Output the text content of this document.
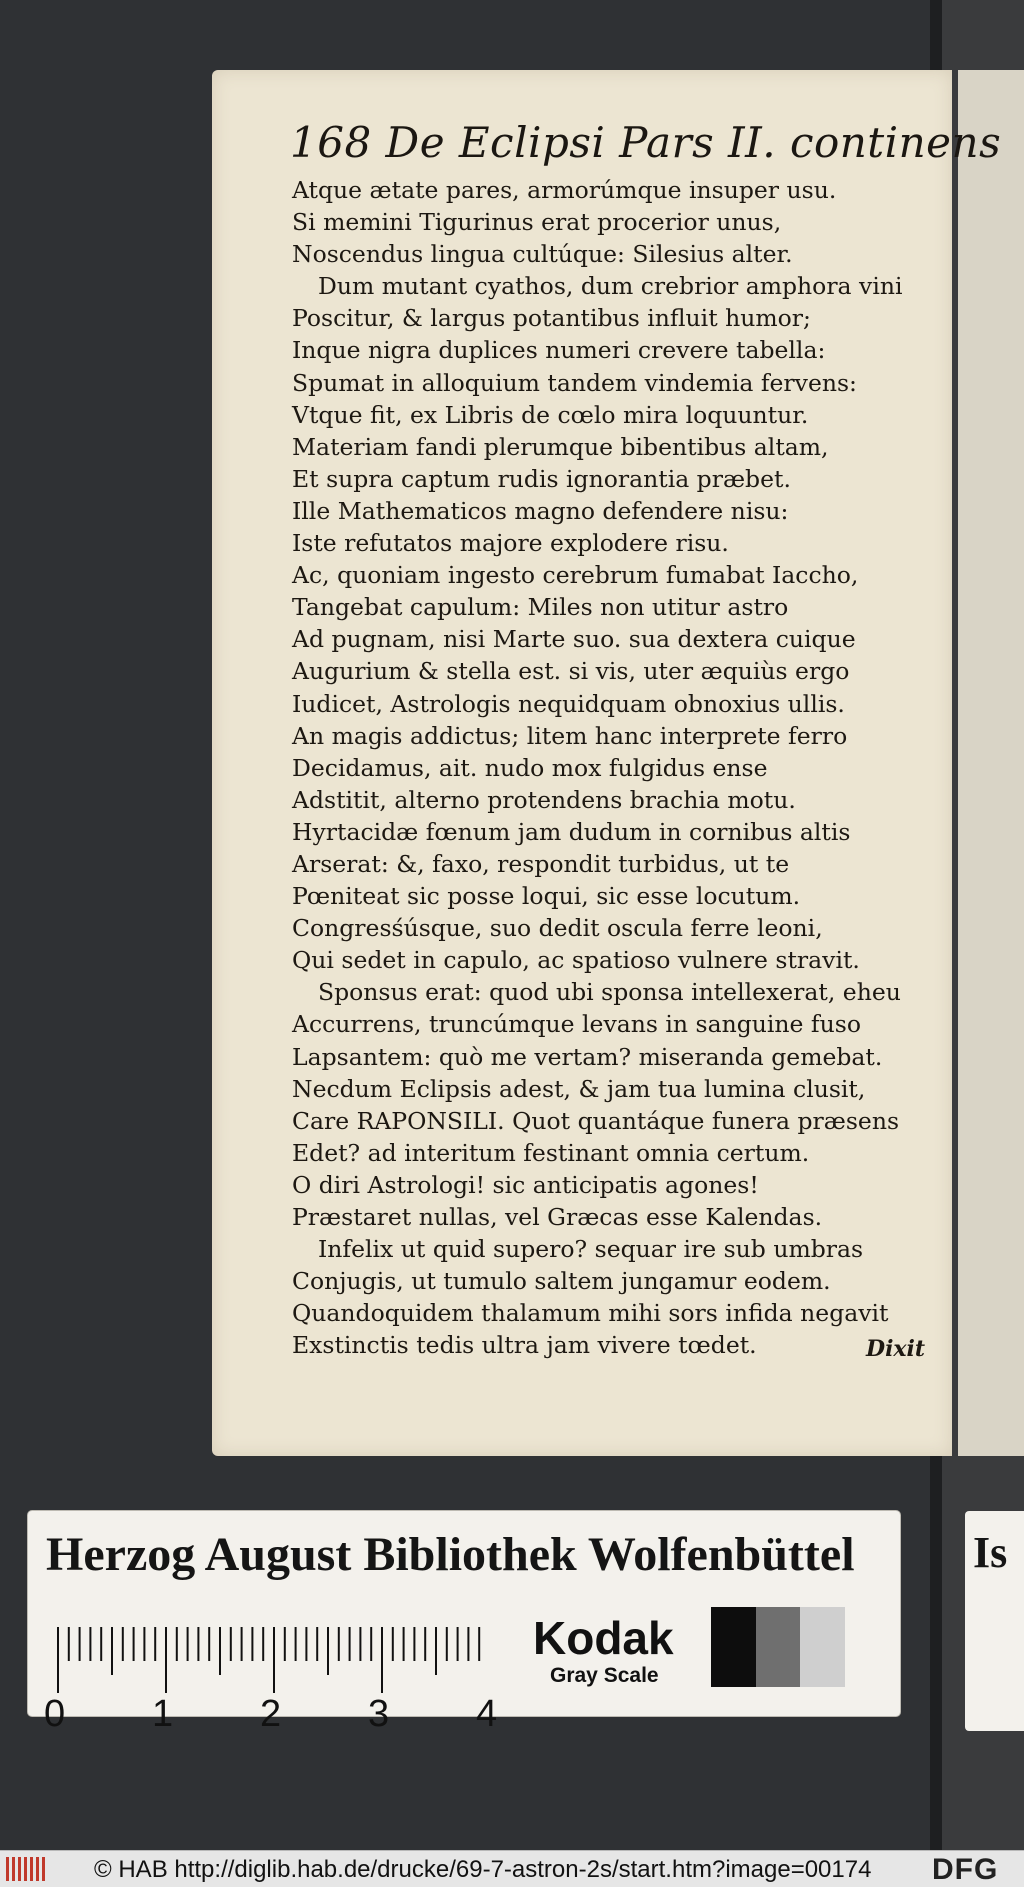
168 De Eclipsi Pars II. continens
Atque ætate pares, armorúmque insuper usu.
Si memini Tigurinus erat procerior unus,
Noscendus lingua cultúque: Silesius alter.
Dum mutant cyathos, dum crebrior amphora vini
Poscitur, & largus potantibus influit humor;
Inque nigra duplices numeri crevere tabella:
Spumat in alloquium tandem vindemia fervens:
Vtque fit, ex Libris de cœlo mira loquuntur.
Materiam fandi plerumque bibentibus altam,
Et supra captum rudis ignorantia præbet.
Ille Mathematicos magno defendere nisu:
Iste refutatos majore explodere risu.
Ac, quoniam ingesto cerebrum fumabat Iaccho,
Tangebat capulum: Miles non utitur astro
Ad pugnam, nisi Marte suo. sua dextera cuique
Augurium & stella est. si vis, uter æquiùs ergo
Iudicet, Astrologis nequidquam obnoxius ullis.
An magis addictus; litem hanc interprete ferro
Decidamus, ait. nudo mox fulgidus ense
Adstitit, alterno protendens brachia motu.
Hyrtacidæ fœnum jam dudum in cornibus altis
Arserat: &, faxo, respondit turbidus, ut te
Pœniteat sic posse loqui, sic esse locutum.
Congresśúsque, suo dedit oscula ferre leoni,
Qui sedet in capulo, ac spatioso vulnere stravit.
Sponsus erat: quod ubi sponsa intellexerat, eheu
Accurrens, truncúmque levans in sanguine fuso
Lapsantem: quò me vertam? miseranda gemebat.
Necdum Eclipsis adest, & jam tua lumina clusit,
Care RAPONSILI. Quot quantáque funera præsens
Edet? ad interitum festinant omnia certum.
O diri Astrologi! sic anticipatis agones!
Præstaret nullas, vel Græcas esse Kalendas.
Infelix ut quid superο? sequar ire sub umbras
Conjugis, ut tumulo saltem jungamur eodem.
Quandoquidem thalamum mihi sors infida negavit
Exstinctis tedis ultra jam vivere tœdet.	Dixit
Herzog August Bibliothek Wolfenbüttel
0 1 2 3 4
Kodak
Gray Scale
Is
© HAB http://diglib.hab.de/drucke/69-7-astron-2s/start.htm?image=00174 DFG
